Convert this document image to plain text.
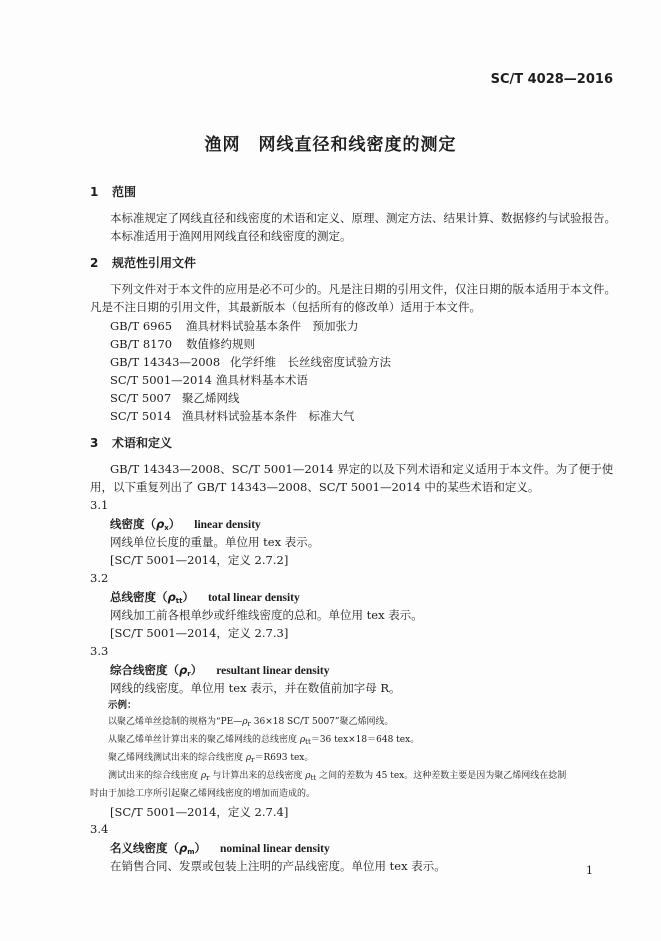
SC/T 4028—2016
渔网　网线直径和线密度的测定
1 范围
本标准规定了网线直径和线密度的术语和定义、原理、测定方法、结果计算、数据修约与试验报告。
本标准适用于渔网用网线直径和线密度的测定。
2 规范性引用文件
下列文件对于本文件的应用是必不可少的。凡是注日期的引用文件，仅注日期的版本适用于本文件。
凡是不注日期的引用文件，其最新版本（包括所有的修改单）适用于本文件。
GB/T 6965 渔具材料试验基本条件　预加张力
GB/T 8170 数值修约规则
GB/T 14343—2008 化学纤维　长丝线密度试验方法
SC/T 5001—2014 渔具材料基本术语
SC/T 5007 聚乙烯网线
SC/T 5014 渔具材料试验基本条件　标准大气
3 术语和定义
GB/T 14343—2008、SC/T 5001—2014 界定的以及下列术语和定义适用于本文件。为了便于使
用，以下重复列出了 GB/T 14343—2008、SC/T 5001—2014 中的某些术语和定义。
3.1
线密度$(\rho_x)$ linear density
网线单位长度的重量。单位用 tex 表示。
[SC/T 5001—2014，定义 2.7.2]
3.2
总线密度$(\rho_{tt})$ total linear density
网线加工前各根单纱或纤维线密度的总和。单位用 tex 表示。
[SC/T 5001—2014，定义 2.7.3]
3.3
综合线密度$(\rho_r)$ resultant linear density
网线的线密度。单位用 tex 表示，并在数值前加字母 R。
示例：
以聚乙烯单丝捻制的规格为“$PE—\rho_r$ 36×18 SC/T 5007”聚乙烯网线。
从聚乙烯单丝计算出来的聚乙烯网线的总线密度 $\rho_{tt}=36$ tex×18＝648 tex。
聚乙烯网线测试出来的综合线密度 $\rho_r=R693$ tex。
测试出来的综合线密度 $\rho_r$ 与计算出来的总线密度 $\rho_{tt}$ 之间的差数为 45 tex。这种差数主要是因为聚乙烯网线在捻制
时由于加捻工序所引起聚乙烯网线密度的增加而造成的。
[SC/T 5001—2014，定义 2.7.4]
3.4
名义线密度$(\rho_m)$ nominal linear density
在销售合同、发票或包装上注明的产品线密度。单位用 tex 表示。	1
